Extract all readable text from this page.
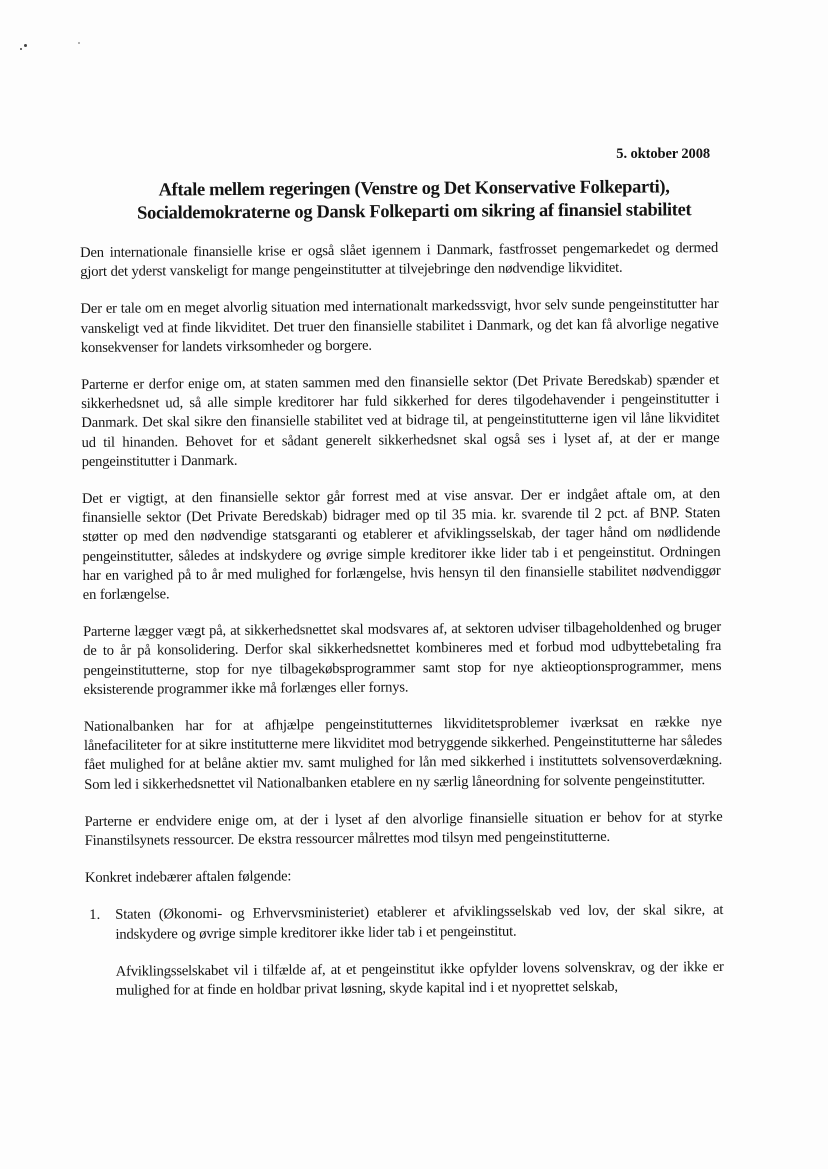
5. oktober 2008
Aftale mellem regeringen (Venstre og Det Konservative Folkeparti),
Socialdemokraterne og Dansk Folkeparti om sikring af finansiel stabilitet

Den internationale finansielle krise er også slået igennem i Danmark, fastfrosset pengemarkedet og dermed gjort det yderst vanskeligt for mange pengeinstitutter at tilvejebringe den nødvendige likviditet.

Der er tale om en meget alvorlig situation med internationalt markedssvigt, hvor selv sunde pengeinstitutter har vanskeligt ved at finde likviditet. Det truer den finansielle stabilitet i Danmark, og det kan få alvorlige negative konsekvenser for landets virksomheder og borgere.

Parterne er derfor enige om, at staten sammen med den finansielle sektor (Det Private Beredskab) spænder et sikkerhedsnet ud, så alle simple kreditorer har fuld sikkerhed for deres tilgodehavender i pengeinstitutter i Danmark. Det skal sikre den finansielle stabilitet ved at bidrage til, at pengeinstitutterne igen vil låne likviditet ud til hinanden. Behovet for et sådant generelt sikkerhedsnet skal også ses i lyset af, at der er mange pengeinstitutter i Danmark.

Det er vigtigt, at den finansielle sektor går forrest med at vise ansvar. Der er indgået aftale om, at den finansielle sektor (Det Private Beredskab) bidrager med op til 35 mia. kr. svarende til 2 pct. af BNP. Staten støtter op med den nødvendige statsgaranti og etablerer et afviklingsselskab, der tager hånd om nødlidende pengeinstitutter, således at indskydere og øvrige simple kreditorer ikke lider tab i et pengeinstitut. Ordningen har en varighed på to år med mulighed for forlængelse, hvis hensyn til den finansielle stabilitet nødvendiggør en forlængelse.

Parterne lægger vægt på, at sikkerhedsnettet skal modsvares af, at sektoren udviser tilbageholdenhed og bruger de to år på konsolidering. Derfor skal sikkerhedsnettet kombineres med et forbud mod udbyttebetaling fra pengeinstitutterne, stop for nye tilbagekøbsprogrammer samt stop for nye aktieoptionsprogrammer, mens eksisterende programmer ikke må forlænges eller fornys.

Nationalbanken har for at afhjælpe pengeinstitutternes likviditetsproblemer iværksat en række nye lånefaciliteter for at sikre institutterne mere likviditet mod betryggende sikkerhed. Pengeinstitutterne har således fået mulighed for at belåne aktier mv. samt mulighed for lån med sikkerhed i instituttets solvensoverdækning. Som led i sikkerhedsnettet vil Nationalbanken etablere en ny særlig låneordning for solvente pengeinstitutter.

Parterne er endvidere enige om, at der i lyset af den alvorlige finansielle situation er behov for at styrke Finanstilsynets ressourcer. De ekstra ressourcer målrettes mod tilsyn med pengeinstitutterne.

Konkret indebærer aftalen følgende:

1. Staten (Økonomi- og Erhvervsministeriet) etablerer et afviklingsselskab ved lov, der skal sikre, at indskydere og øvrige simple kreditorer ikke lider tab i et pengeinstitut.

Afviklingsselskabet vil i tilfælde af, at et pengeinstitut ikke opfylder lovens solvenskrav, og der ikke er mulighed for at finde en holdbar privat løsning, skyde kapital ind i et nyoprettet selskab,
